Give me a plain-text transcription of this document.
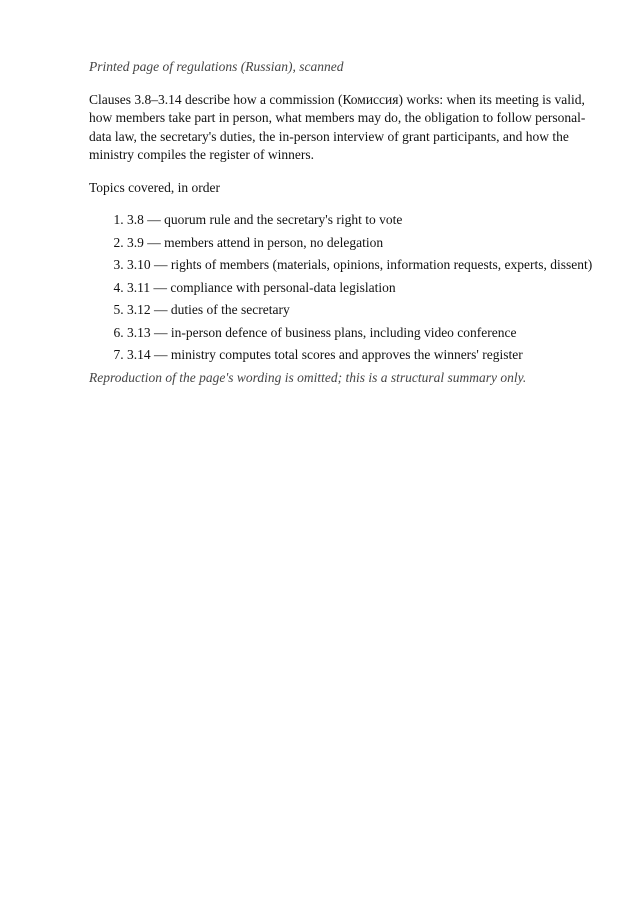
Printed page of regulations (Russian), scanned

Clauses 3.8–3.14 describe how a commission (Комиссия) works: when its meeting is valid, how members take part in person, what members may do, the obligation to follow personal-data law, the secretary's duties, the in-person interview of grant participants, and how the ministry compiles the register of winners.

Topics covered, in order

1. 3.8 — quorum rule and the secretary's right to vote
2. 3.9 — members attend in person, no delegation
3. 3.10 — rights of members (materials, opinions, information requests, experts, dissent)
4. 3.11 — compliance with personal-data legislation
5. 3.12 — duties of the secretary
6. 3.13 — in-person defence of business plans, including video conference
7. 3.14 — ministry computes total scores and approves the winners' register

Reproduction of the page's wording is omitted; this is a structural summary only.
